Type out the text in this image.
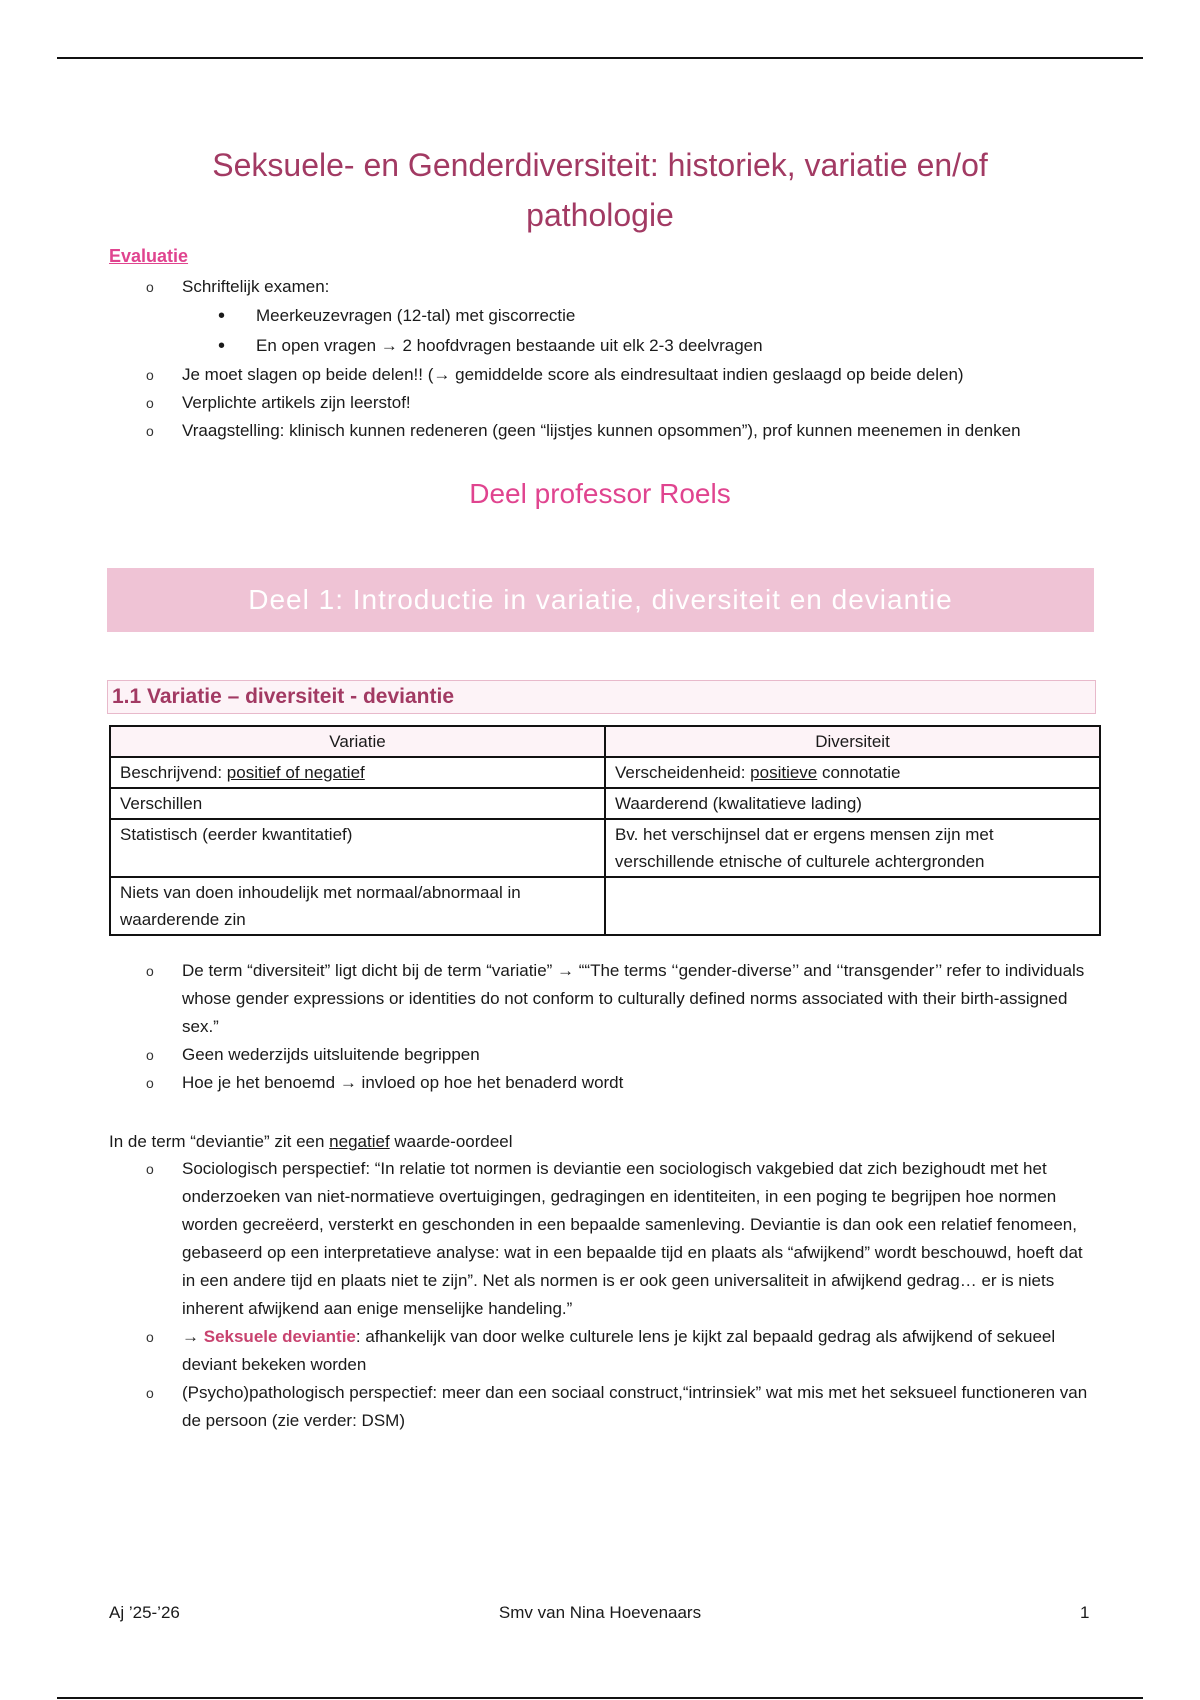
Seksuele- en Genderdiversiteit: historiek, variatie en/of
pathologie
Evaluatie
o Schriftelijk examen:
• Meerkeuzevragen (12-tal) met giscorrectie
• En open vragen → 2 hoofdvragen bestaande uit elk 2-3 deelvragen
o Je moet slagen op beide delen!! (→ gemiddelde score als eindresultaat indien geslaagd op beide delen)
o Verplichte artikels zijn leerstof!
o Vraagstelling: klinisch kunnen redeneren (geen “lijstjes kunnen opsommen”), prof kunnen meenemen in denken
Deel professor Roels
Deel 1: Introductie in variatie, diversiteit en deviantie
1.1 Variatie – diversiteit - deviantie
Variatie	Diversiteit
Beschrijvend: positief of negatief	Verscheidenheid: positieve connotatie
Verschillen	Waarderend (kwalitatieve lading)
Statistisch (eerder kwantitatief)	Bv. het verschijnsel dat er ergens mensen zijn met verschillende etnische of culturele achtergronden
Niets van doen inhoudelijk met normaal/abnormaal in waarderende zin	
o De term “diversiteit” ligt dicht bij de term “variatie” → ““The terms ‘‘gender-diverse’’ and ‘‘transgender’’ refer to individuals whose gender expressions or identities do not conform to culturally defined norms associated with their birth-assigned sex.”
o Geen wederzijds uitsluitende begrippen
o Hoe je het benoemd → invloed op hoe het benaderd wordt
In de term “deviantie” zit een negatief waarde-oordeel
o Sociologisch perspectief: “In relatie tot normen is deviantie een sociologisch vakgebied dat zich bezighoudt met het onderzoeken van niet-normatieve overtuigingen, gedragingen en identiteiten, in een poging te begrijpen hoe normen worden gecreëerd, versterkt en geschonden in een bepaalde samenleving. Deviantie is dan ook een relatief fenomeen, gebaseerd op een interpretatieve analyse: wat in een bepaalde tijd en plaats als “afwijkend” wordt beschouwd, hoeft dat in een andere tijd en plaats niet te zijn”. Net als normen is er ook geen universaliteit in afwijkend gedrag… er is niets inherent afwijkend aan enige menselijke handeling.”
o → Seksuele deviantie: afhankelijk van door welke culturele lens je kijkt zal bepaald gedrag als afwijkend of sekueel deviant bekeken worden
o (Psycho)pathologisch perspectief: meer dan een sociaal construct,“intrinsiek” wat mis met het seksueel functioneren van de persoon (zie verder: DSM)
Aj ’25-’26	Smv van Nina Hoevenaars	1
